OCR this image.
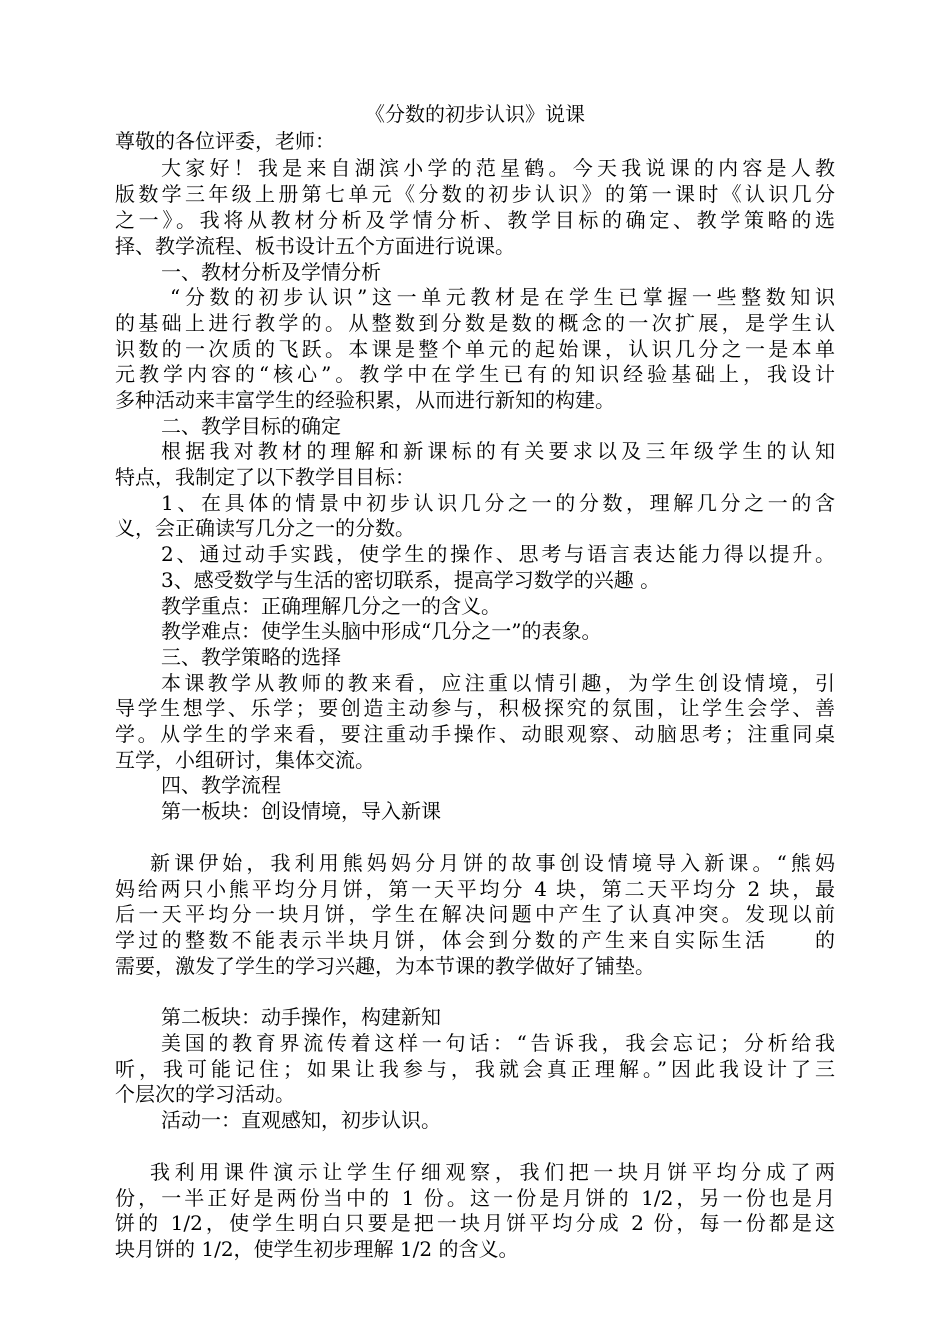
《分数的初步认识》说课
尊敬的各位评委，老师：
大家好！我是来自湖滨小学的范星鹤。今天我说课的内容是人教
版数学三年级上册第七单元《分数的初步认识》的第一课时《认识几分
之一》。我将从教材分析及学情分析、教学目标的确定、教学策略的选
择、教学流程、板书设计五个方面进行说课。
一、教材分析及学情分析
“分数的初步认识”这一单元教材是在学生已掌握一些整数知识
的基础上进行教学的。从整数到分数是数的概念的一次扩展，是学生认
识数的一次质的飞跃。本课是整个单元的起始课，认识几分之一是本单
元教学内容的“核心”。教学中在学生已有的知识经验基础上，我设计
多种活动来丰富学生的经验积累，从而进行新知的构建。
二、教学目标的确定
根据我对教材的理解和新课标的有关要求以及三年级学生的认知
特点，我制定了以下教学目目标：
1、在具体的情景中初步认识几分之一的分数，理解几分之一的含
义，会正确读写几分之一的分数。
2、通过动手实践，使学生的操作、思考与语言表达能力得以提升。
3、感受数学与生活的密切联系，提高学习数学的兴趣 。
教学重点：正确理解几分之一的含义。
教学难点：使学生头脑中形成“几分之一”的表象。
三、教学策略的选择
本课教学从教师的教来看，应注重以情引趣，为学生创设情境，引
导学生想学、乐学；要创造主动参与，积极探究的氛围，让学生会学、善
学。从学生的学来看，要注重动手操作、动眼观察、动脑思考；注重同桌
互学，小组研讨，集体交流。
四、教学流程
第一板块：创设情境，导入新课
新课伊始，我利用熊妈妈分月饼的故事创设情境导入新课。“熊妈
妈给两只小熊平均分月饼，第一天平均分 4 块，第二天平均分 2 块，最
后一天平均分一块月饼，学生在解决问题中产生了认真冲突。发现以前
学过的整数不能表示半块月饼，体会到分数的产生来自实际生活　　的
需要，激发了学生的学习兴趣，为本节课的教学做好了铺垫。
第二板块：动手操作，构建新知
美国的教育界流传着这样一句话：“告诉我，我会忘记；分析给我
听，我可能记住；如果让我参与，我就会真正理解。”因此我设计了三
个层次的学习活动。
活动一：直观感知，初步认识。
我利用课件演示让学生仔细观察，我们把一块月饼平均分成了两
份，一半正好是两份当中的 1 份。这一份是月饼的 1/2，另一份也是月
饼的 1/2，使学生明白只要是把一块月饼平均分成 2 份，每一份都是这
块月饼的 1/2，使学生初步理解 1/2 的含义。
